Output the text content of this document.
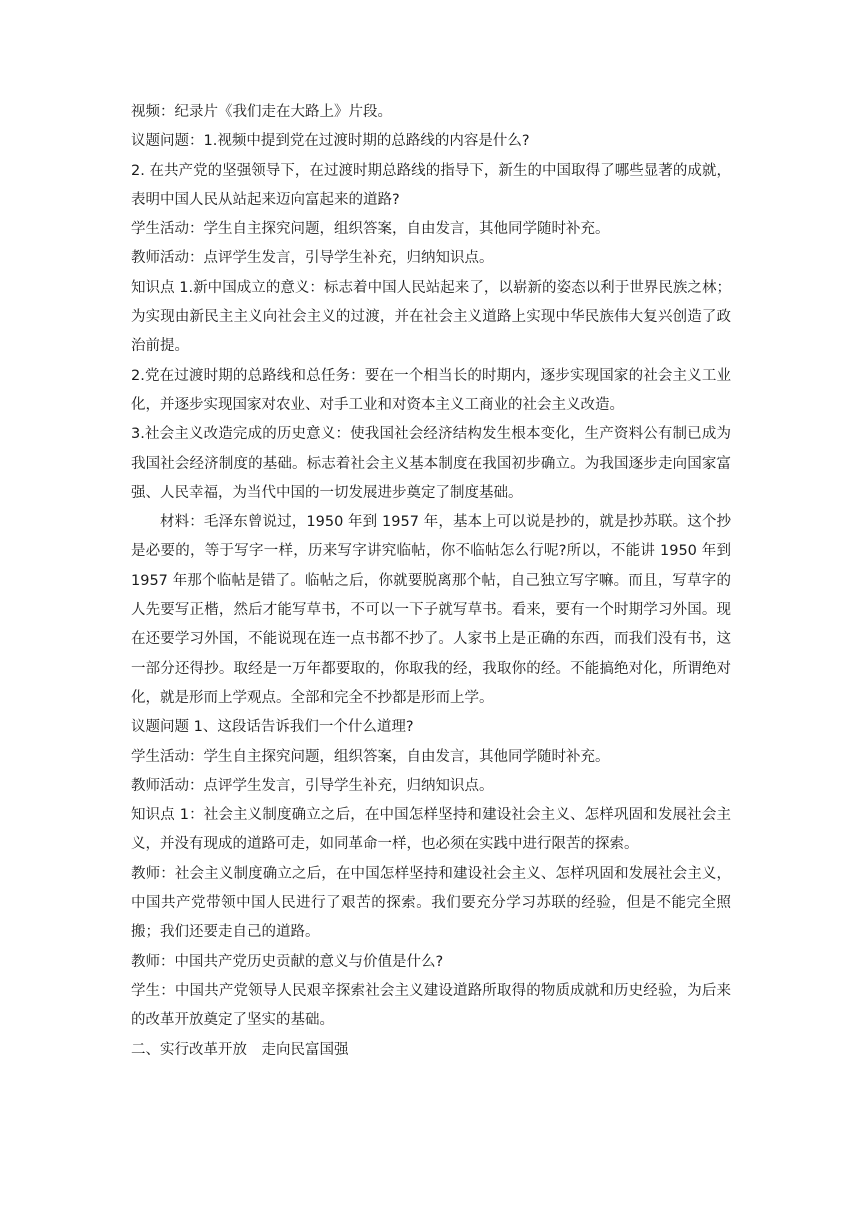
视频：纪录片《我们走在大路上》片段。

议题问题：1.视频中提到党在过渡时期的总路线的内容是什么?

2. 在共产党的坚强领导下，在过渡时期总路线的指导下，新生的中国取得了哪些显著的成就，表明中国人民从站起来迈向富起来的道路?

学生活动：学生自主探究问题，组织答案，自由发言，其他同学随时补充。

教师活动：点评学生发言，引导学生补充，归纳知识点。

知识点 1.新中国成立的意义：标志着中国人民站起来了，以崭新的姿态以利于世界民族之林；为实现由新民主主义向社会主义的过渡，并在社会主义道路上实现中华民族伟大复兴创造了政治前提。

2.党在过渡时期的总路线和总任务：要在一个相当长的时期内，逐步实现国家的社会主义工业化，并逐步实现国家对农业、对手工业和对资本主义工商业的社会主义改造。

3.社会主义改造完成的历史意义：使我国社会经济结构发生根本变化，生产资料公有制已成为我国社会经济制度的基础。标志着社会主义基本制度在我国初步确立。为我国逐步走向国家富强、人民幸福，为当代中国的一切发展进步奠定了制度基础。

材料：毛泽东曾说过，1950 年到 1957 年，基本上可以说是抄的，就是抄苏联。这个抄是必要的，等于写字一样，历来写字讲究临帖，你不临帖怎么行呢?所以，不能讲 1950 年到 1957 年那个临帖是错了。临帖之后，你就要脱离那个帖，自己独立写字嘛。而且，写草字的人先要写正楷，然后才能写草书，不可以一下子就写草书。看来，要有一个时期学习外国。现在还要学习外国，不能说现在连一点书都不抄了。人家书上是正确的东西，而我们没有书，这一部分还得抄。取经是一万年都要取的，你取我的经，我取你的经。不能搞绝对化，所谓绝对化，就是形而上学观点。全部和完全不抄都是形而上学。

议题问题 1、这段话告诉我们一个什么道理?

学生活动：学生自主探究问题，组织答案，自由发言，其他同学随时补充。

教师活动：点评学生发言，引导学生补充，归纳知识点。

知识点 1：社会主义制度确立之后，在中国怎样坚持和建设社会主义、怎样巩固和发展社会主义，并没有现成的道路可走，如同革命一样，也必须在实践中进行限苦的探索。

教师：社会主义制度确立之后，在中国怎样坚持和建设社会主义、怎样巩固和发展社会主义，中国共产党带领中国人民进行了艰苦的探索。我们要充分学习苏联的经验，但是不能完全照搬；我们还要走自己的道路。

教师：中国共产党历史贡献的意义与价值是什么?

学生：中国共产党领导人民艰辛探索社会主义建设道路所取得的物质成就和历史经验，为后来的改革开放奠定了坚实的基础。

二、实行改革开放　走向民富国强
